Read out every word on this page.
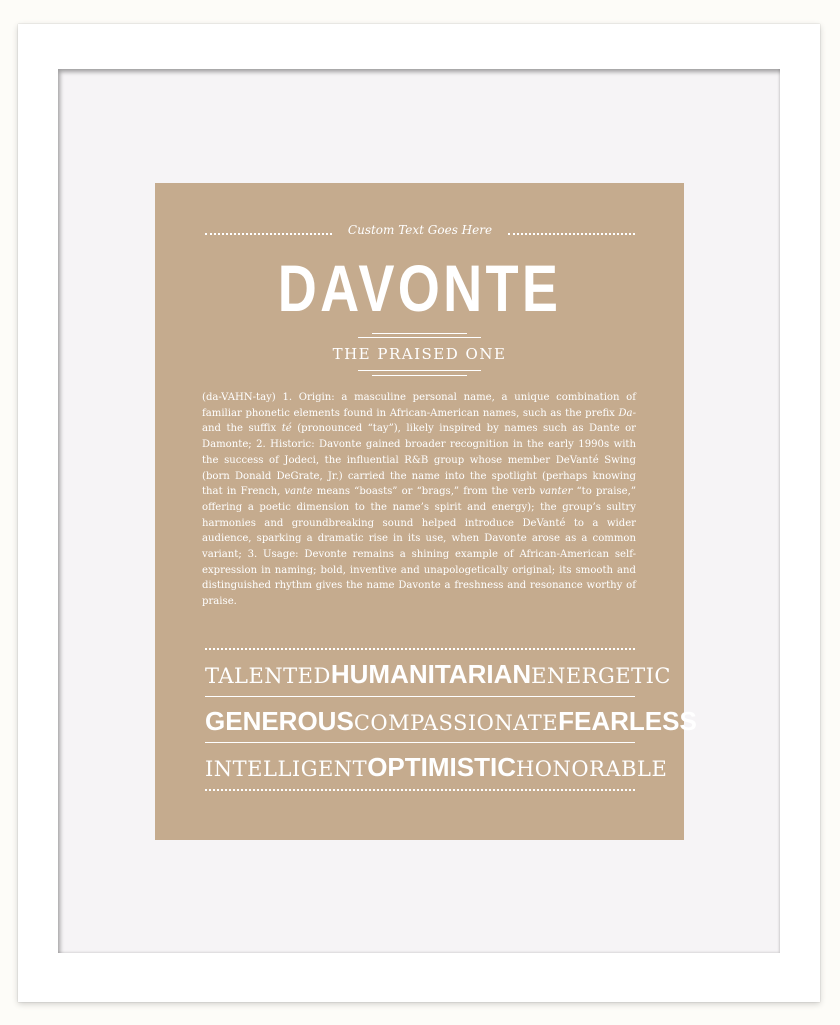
Custom Text Goes Here
DAVONTE
THE PRAISED ONE
(da-VAHN-tay) 1. Origin: a masculine personal name, a unique combination of familiar phonetic elements found in African-American names, such as the prefix Da- and the suffix té (pronounced “tay”), likely inspired by names such as Dante or Damonte; 2. Historic: Davonte gained broader recognition in the early 1990s with the success of Jodeci, the influential R&B group whose member DeVanté Swing (born Donald DeGrate, Jr.) carried the name into the spotlight (perhaps knowing that in French, vante means “boasts” or “brags,” from the verb vanter “to praise,” offering a poetic dimension to the name’s spirit and energy); the group’s sultry harmonies and groundbreaking sound helped introduce DeVanté to a wider audience, sparking a dramatic rise in its use, when Davonte arose as a common variant; 3. Usage: Devonte remains a shining example of African-American self-expression in naming; bold, inventive and unapologetically original; its smooth and distinguished rhythm gives the name Davonte a freshness and resonance worthy of praise.
TALENTED HUMANITARIAN ENERGETIC
GENEROUS COMPASSIONATE FEARLESS
INTELLIGENT OPTIMISTIC HONORABLE
